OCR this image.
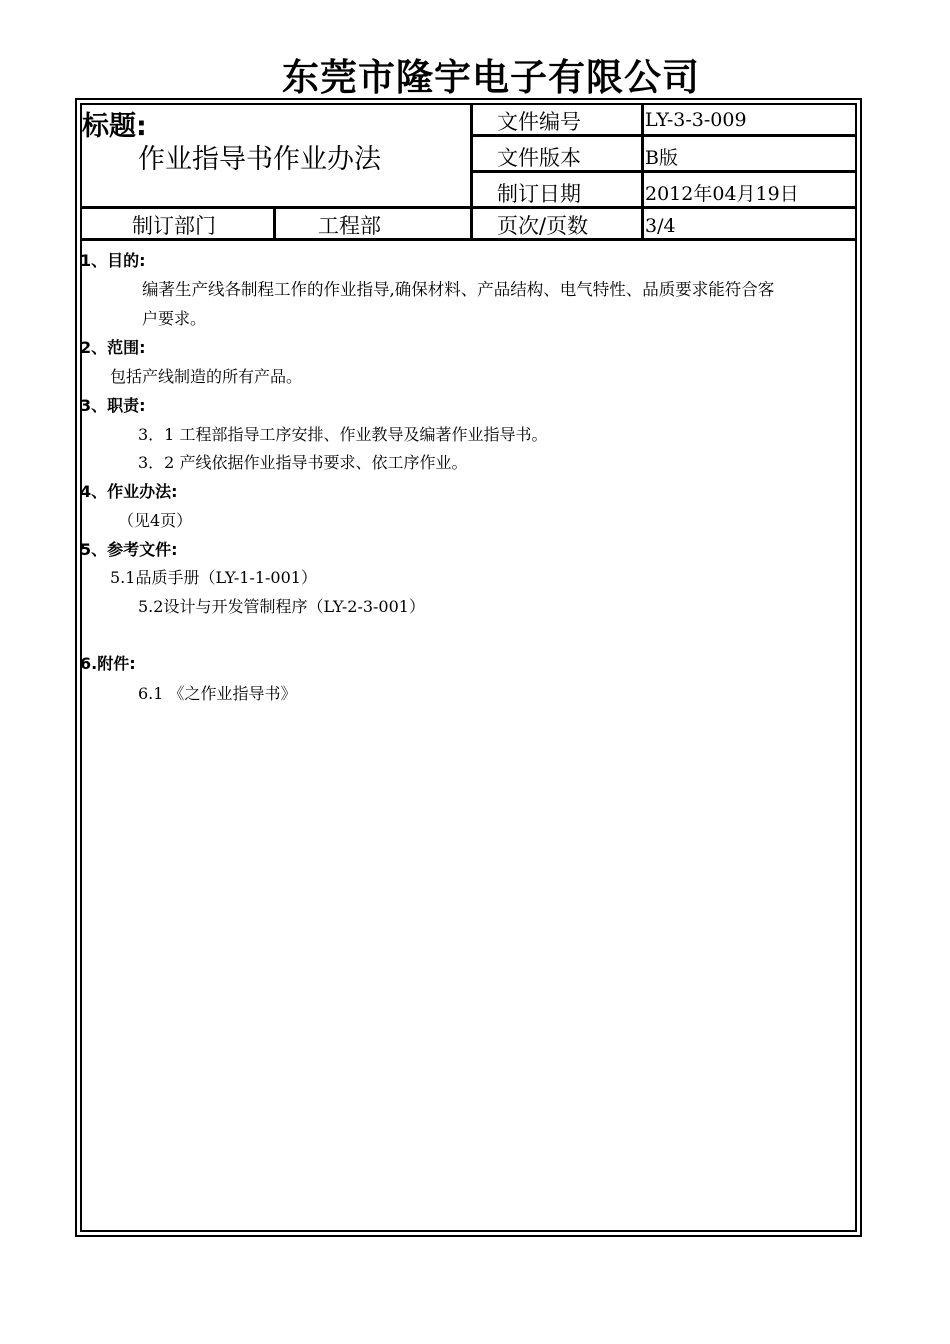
东莞市隆宇电子有限公司
标题:
作业指导书作业办法
文件编号	LY-3-3-009
文件版本	B版
制订日期	2012年04月19日
制订部门	工程部	页次/页数	3/4
1、目的:
编著生产线各制程工作的作业指导,确保材料、产品结构、电气特性、品质要求能符合客
户要求。
2、范围:
包括产线制造的所有产品。
3、职责:
3．1 工程部指导工序安排、作业教导及编著作业指导书。
3．2 产线依据作业指导书要求、依工序作业。
4、作业办法:
（见4页）
5、参考文件:
5.1品质手册（LY-1-1-001）
5.2设计与开发管制程序（LY-2-3-001）
6.附件:
6.1 《之作业指导书》
